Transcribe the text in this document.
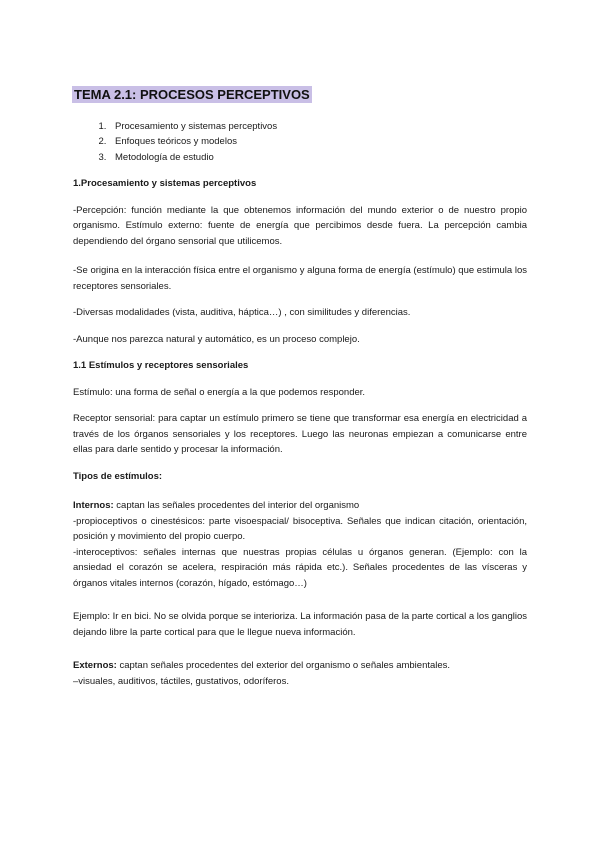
TEMA 2.1: PROCESOS PERCEPTIVOS
1. Procesamiento y sistemas perceptivos
2. Enfoques teóricos y modelos
3. Metodología de estudio
1.Procesamiento y sistemas perceptivos

-Percepción: función mediante la que obtenemos información del mundo exterior o de nuestro propio organismo. Estímulo externo: fuente de energía que percibimos desde fuera. La percepción cambia dependiendo del órgano sensorial que utilicemos.

-Se origina en la interacción física entre el organismo y alguna forma de energía (estímulo) que estimula los receptores sensoriales.

-Diversas modalidades (vista, auditiva, háptica…) , con similitudes y diferencias.

-Aunque nos parezca natural y automático, es un proceso complejo.

1.1 Estímulos y receptores sensoriales

Estímulo: una forma de señal o energía a la que podemos responder.

Receptor sensorial: para captar un estímulo primero se tiene que transformar esa energía en electricidad a través de los órganos sensoriales y los receptores. Luego las neuronas empiezan a comunicarse entre ellas para darle sentido y procesar la información.

Tipos de estímulos:

Internos: captan las señales procedentes del interior del organismo

-propioceptivos o cinestésicos: parte visoespacial/ bisoceptiva. Señales que indican citación, orientación, posición y movimiento del propio cuerpo.

-interoceptivos: señales internas que nuestras propias células u órganos generan. (Ejemplo: con la ansiedad el corazón se acelera, respiración más rápida etc.). Señales procedentes de las vísceras y órganos vitales internos (corazón, hígado, estómago…)

Ejemplo: Ir en bici. No se olvida porque se interioriza. La información pasa de la parte cortical a los ganglios dejando libre la parte cortical para que le llegue nueva información.

Externos: captan señales procedentes del exterior del organismo o señales ambientales.

–visuales, auditivos, táctiles, gustativos, odoríferos.
